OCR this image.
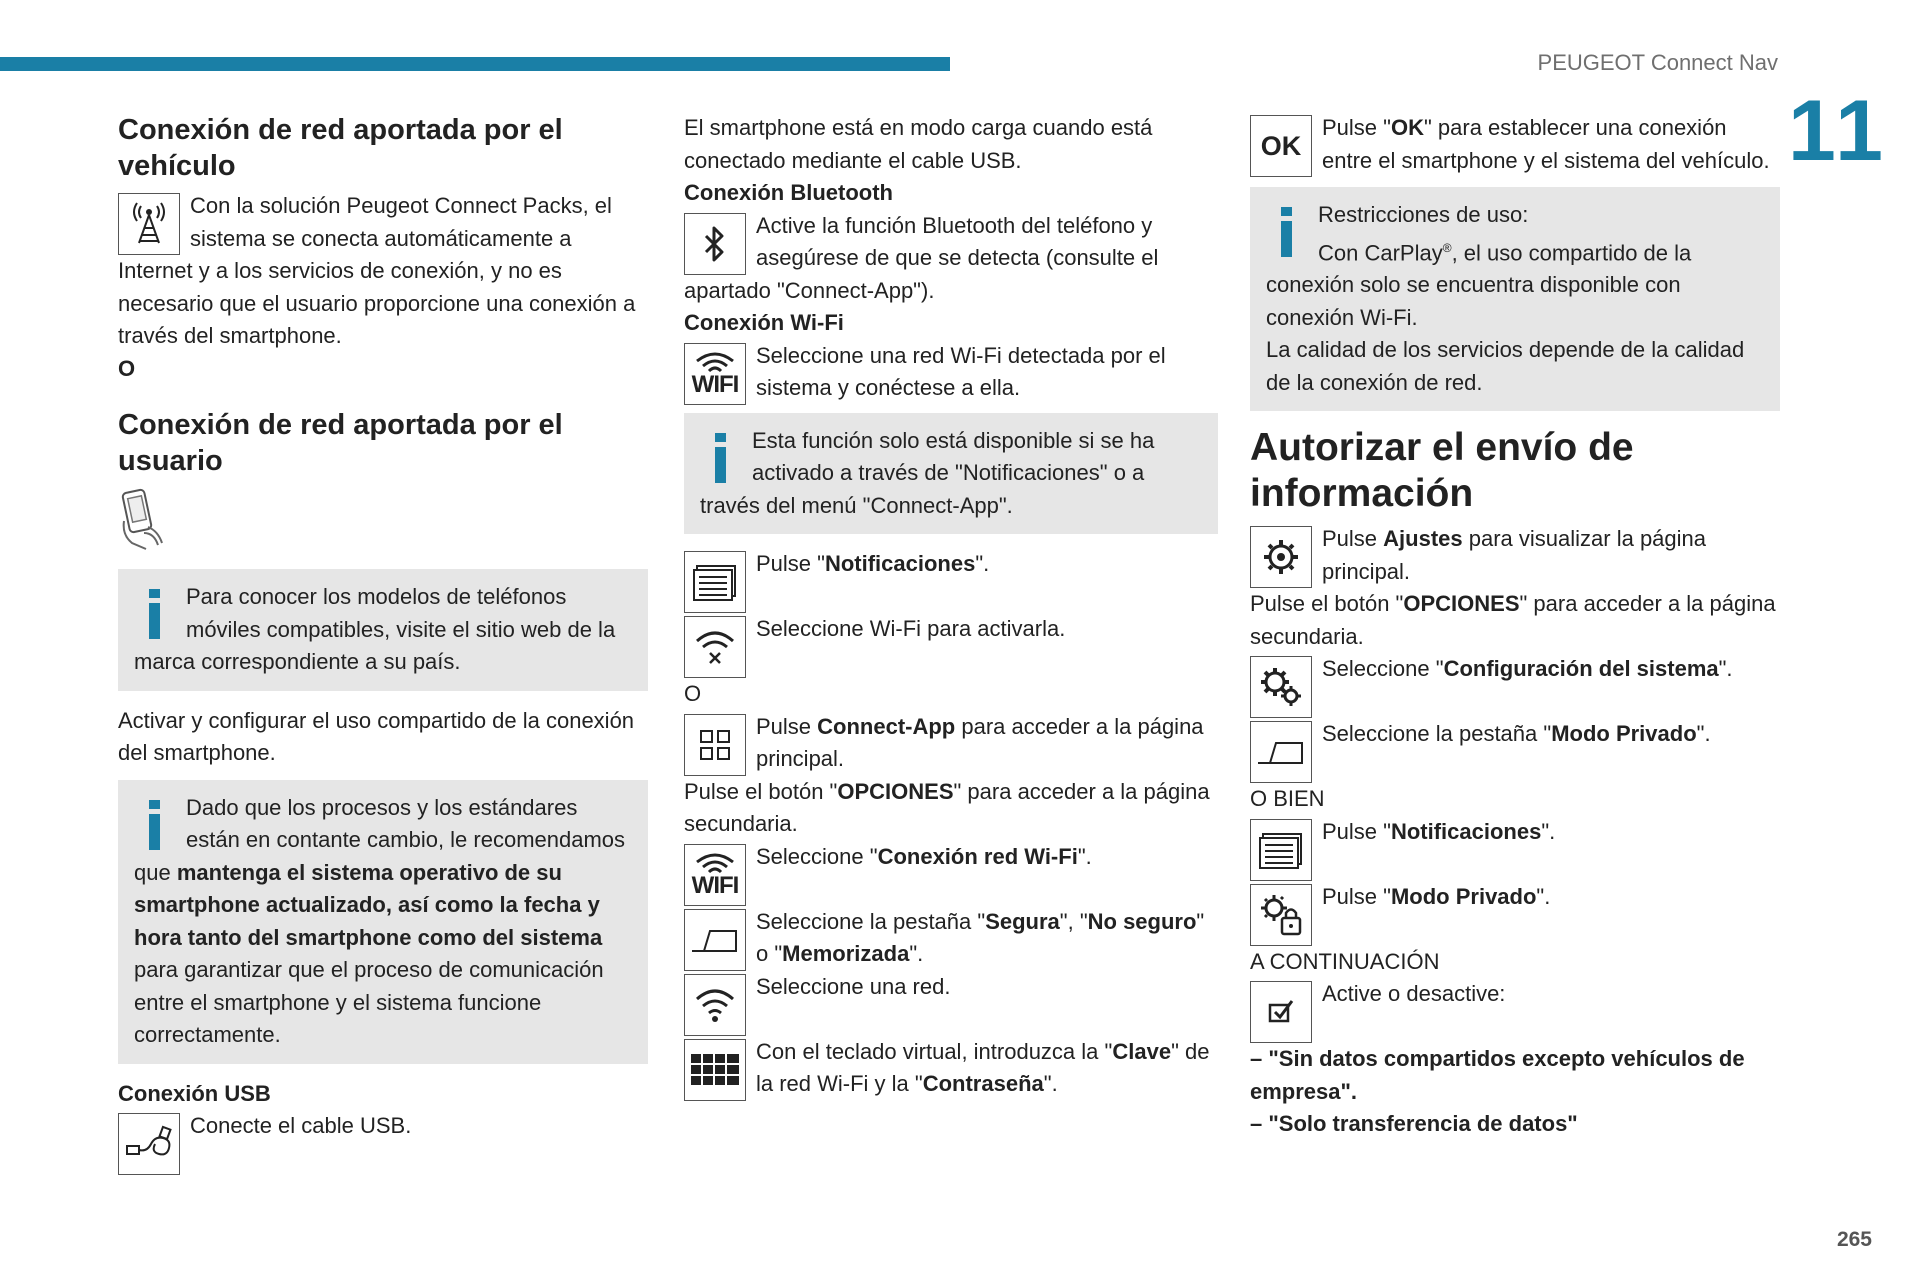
PEUGEOT Connect Nav
11
265
Conexión de red aportada por el vehículo

Con la solución Peugeot Connect Packs, el sistema se conecta automáticamente a Internet y a los servicios de conexión, y no es necesario que el usuario proporcione una conexión a través del smartphone.

O

Conexión de red aportada por el usuario

Para conocer los modelos de teléfonos móviles compatibles, visite el sitio web de la marca correspondiente a su país.

Activar y configurar el uso compartido de la conexión del smartphone.

Dado que los procesos y los estándares están en contante cambio, le recomendamos que mantenga el sistema operativo de su smartphone actualizado, así como la fecha y hora tanto del smartphone como del sistema para garantizar que el proceso de comunicación entre el smartphone y el sistema funcione correctamente.

Conexión USB

Conecte el cable USB.

El smartphone está en modo carga cuando está conectado mediante el cable USB.

Conexión Bluetooth

Active la función Bluetooth del teléfono y asegúrese de que se detecta (consulte el apartado "Connect-App").

Conexión Wi-Fi
WIFI

Seleccione una red Wi-Fi detectada por el sistema y conéctese a ella.

Esta función solo está disponible si se ha activado a través de "Notificaciones" o a través del menú "Connect-App".

Pulse "Notificaciones".

Seleccione Wi-Fi para activarla.

O

Pulse Connect-App para acceder a la página principal.

Pulse el botón "OPCIONES" para acceder a la página secundaria.

WIFI

Seleccione "Conexión red Wi-Fi".

Seleccione la pestaña "Segura", "No seguro" o "Memorizada".

Seleccione una red.

Con el teclado virtual, introduzca la "Clave" de la red Wi-Fi y la "Contraseña".

OK

Pulse "OK" para establecer una conexión entre el smartphone y el sistema del vehículo.

Restricciones de uso:

Con CarPlay®, el uso compartido de la conexión solo se encuentra disponible con conexión Wi-Fi.

La calidad de los servicios depende de la calidad de la conexión de red.

Autorizar el envío de información

Pulse Ajustes para visualizar la página principal.

Pulse el botón "OPCIONES" para acceder a la página secundaria.

Seleccione "Configuración del sistema".

Seleccione la pestaña "Modo Privado".

O BIEN

Pulse "Notificaciones".

Pulse "Modo Privado".

A CONTINUACIÓN

Active o desactive:

– "Sin datos compartidos excepto vehículos de empresa".

– "Solo transferencia de datos"
